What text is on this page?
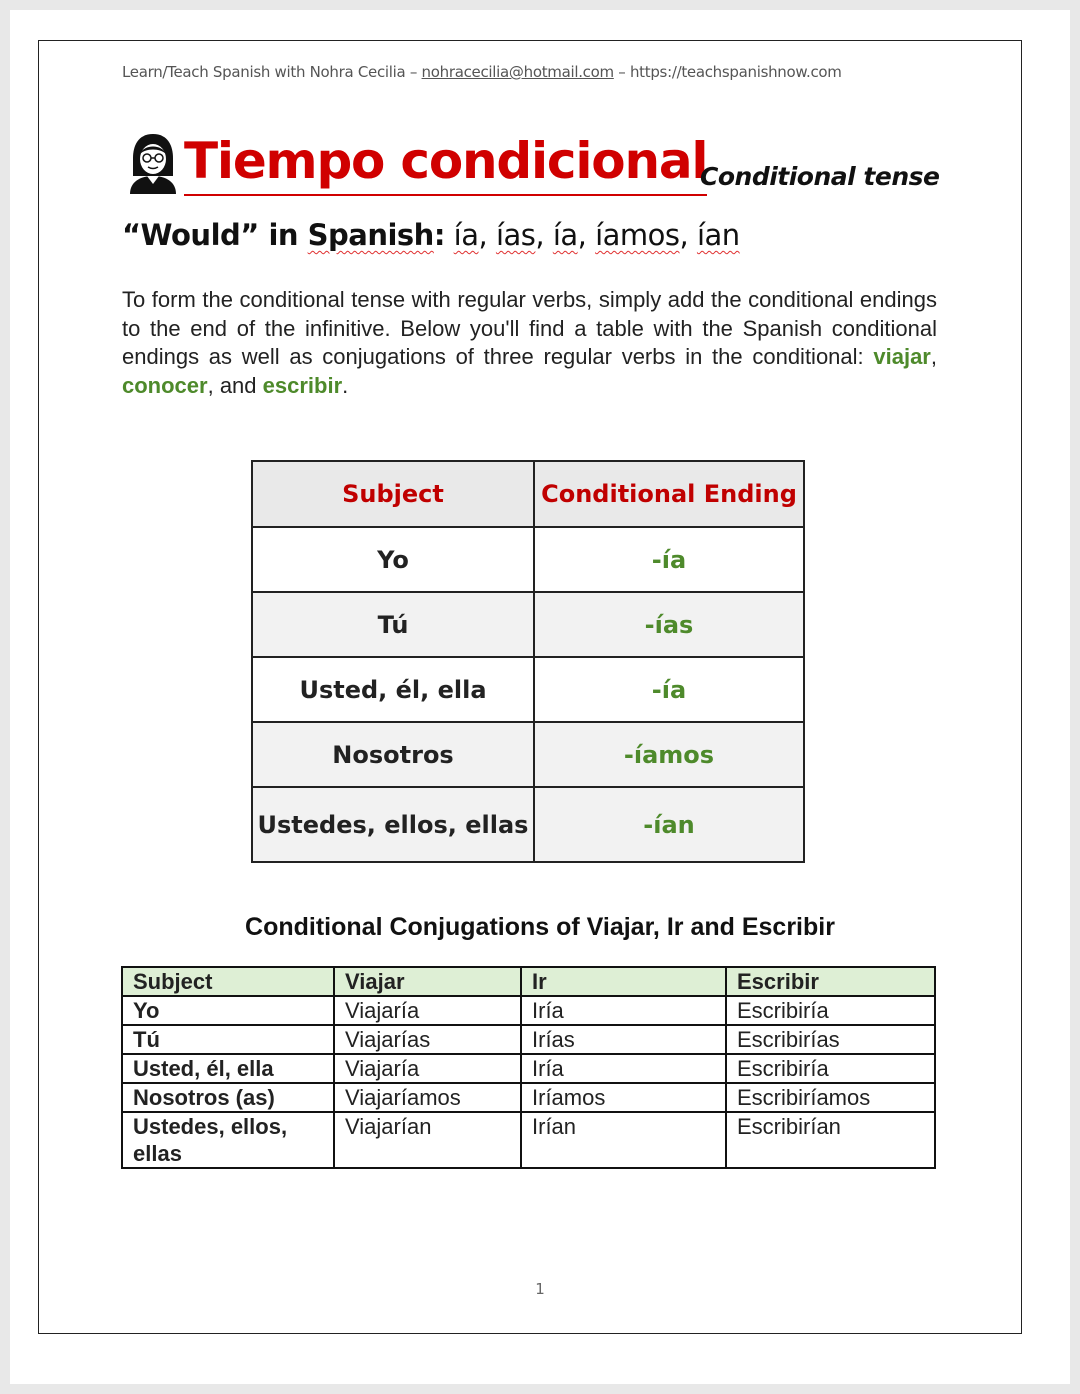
Learn/Teach Spanish with Nohra Cecilia – nohracecilia@hotmail.com – https://teachspanishnow.com
Tiempo condicional
Conditional tense
“Would” in Spanish: ía, ías, ía, íamos, ían
To form the conditional tense with regular verbs, simply add the conditional endings to the end of the infinitive. Below you'll find a table with the Spanish conditional endings as well as conjugations of three regular verbs in the conditional: viajar, conocer, and escribir.
Subject	Conditional Ending
Yo	-ía
Tú	-ías
Usted, él, ella	-ía
Nosotros	-íamos
Ustedes, ellos, ellas	-ían
Conditional Conjugations of Viajar, Ir and Escribir
Subject	Viajar	Ir	Escribir
Yo	Viajaría	Iría	Escribiría
Tú	Viajarías	Irías	Escribirías
Usted, él, ella	Viajaría	Iría	Escribiría
Nosotros (as)	Viajaríamos	Iríamos	Escribiríamos
Ustedes, ellos, ellas	Viajarían	Irían	Escribirían
1
